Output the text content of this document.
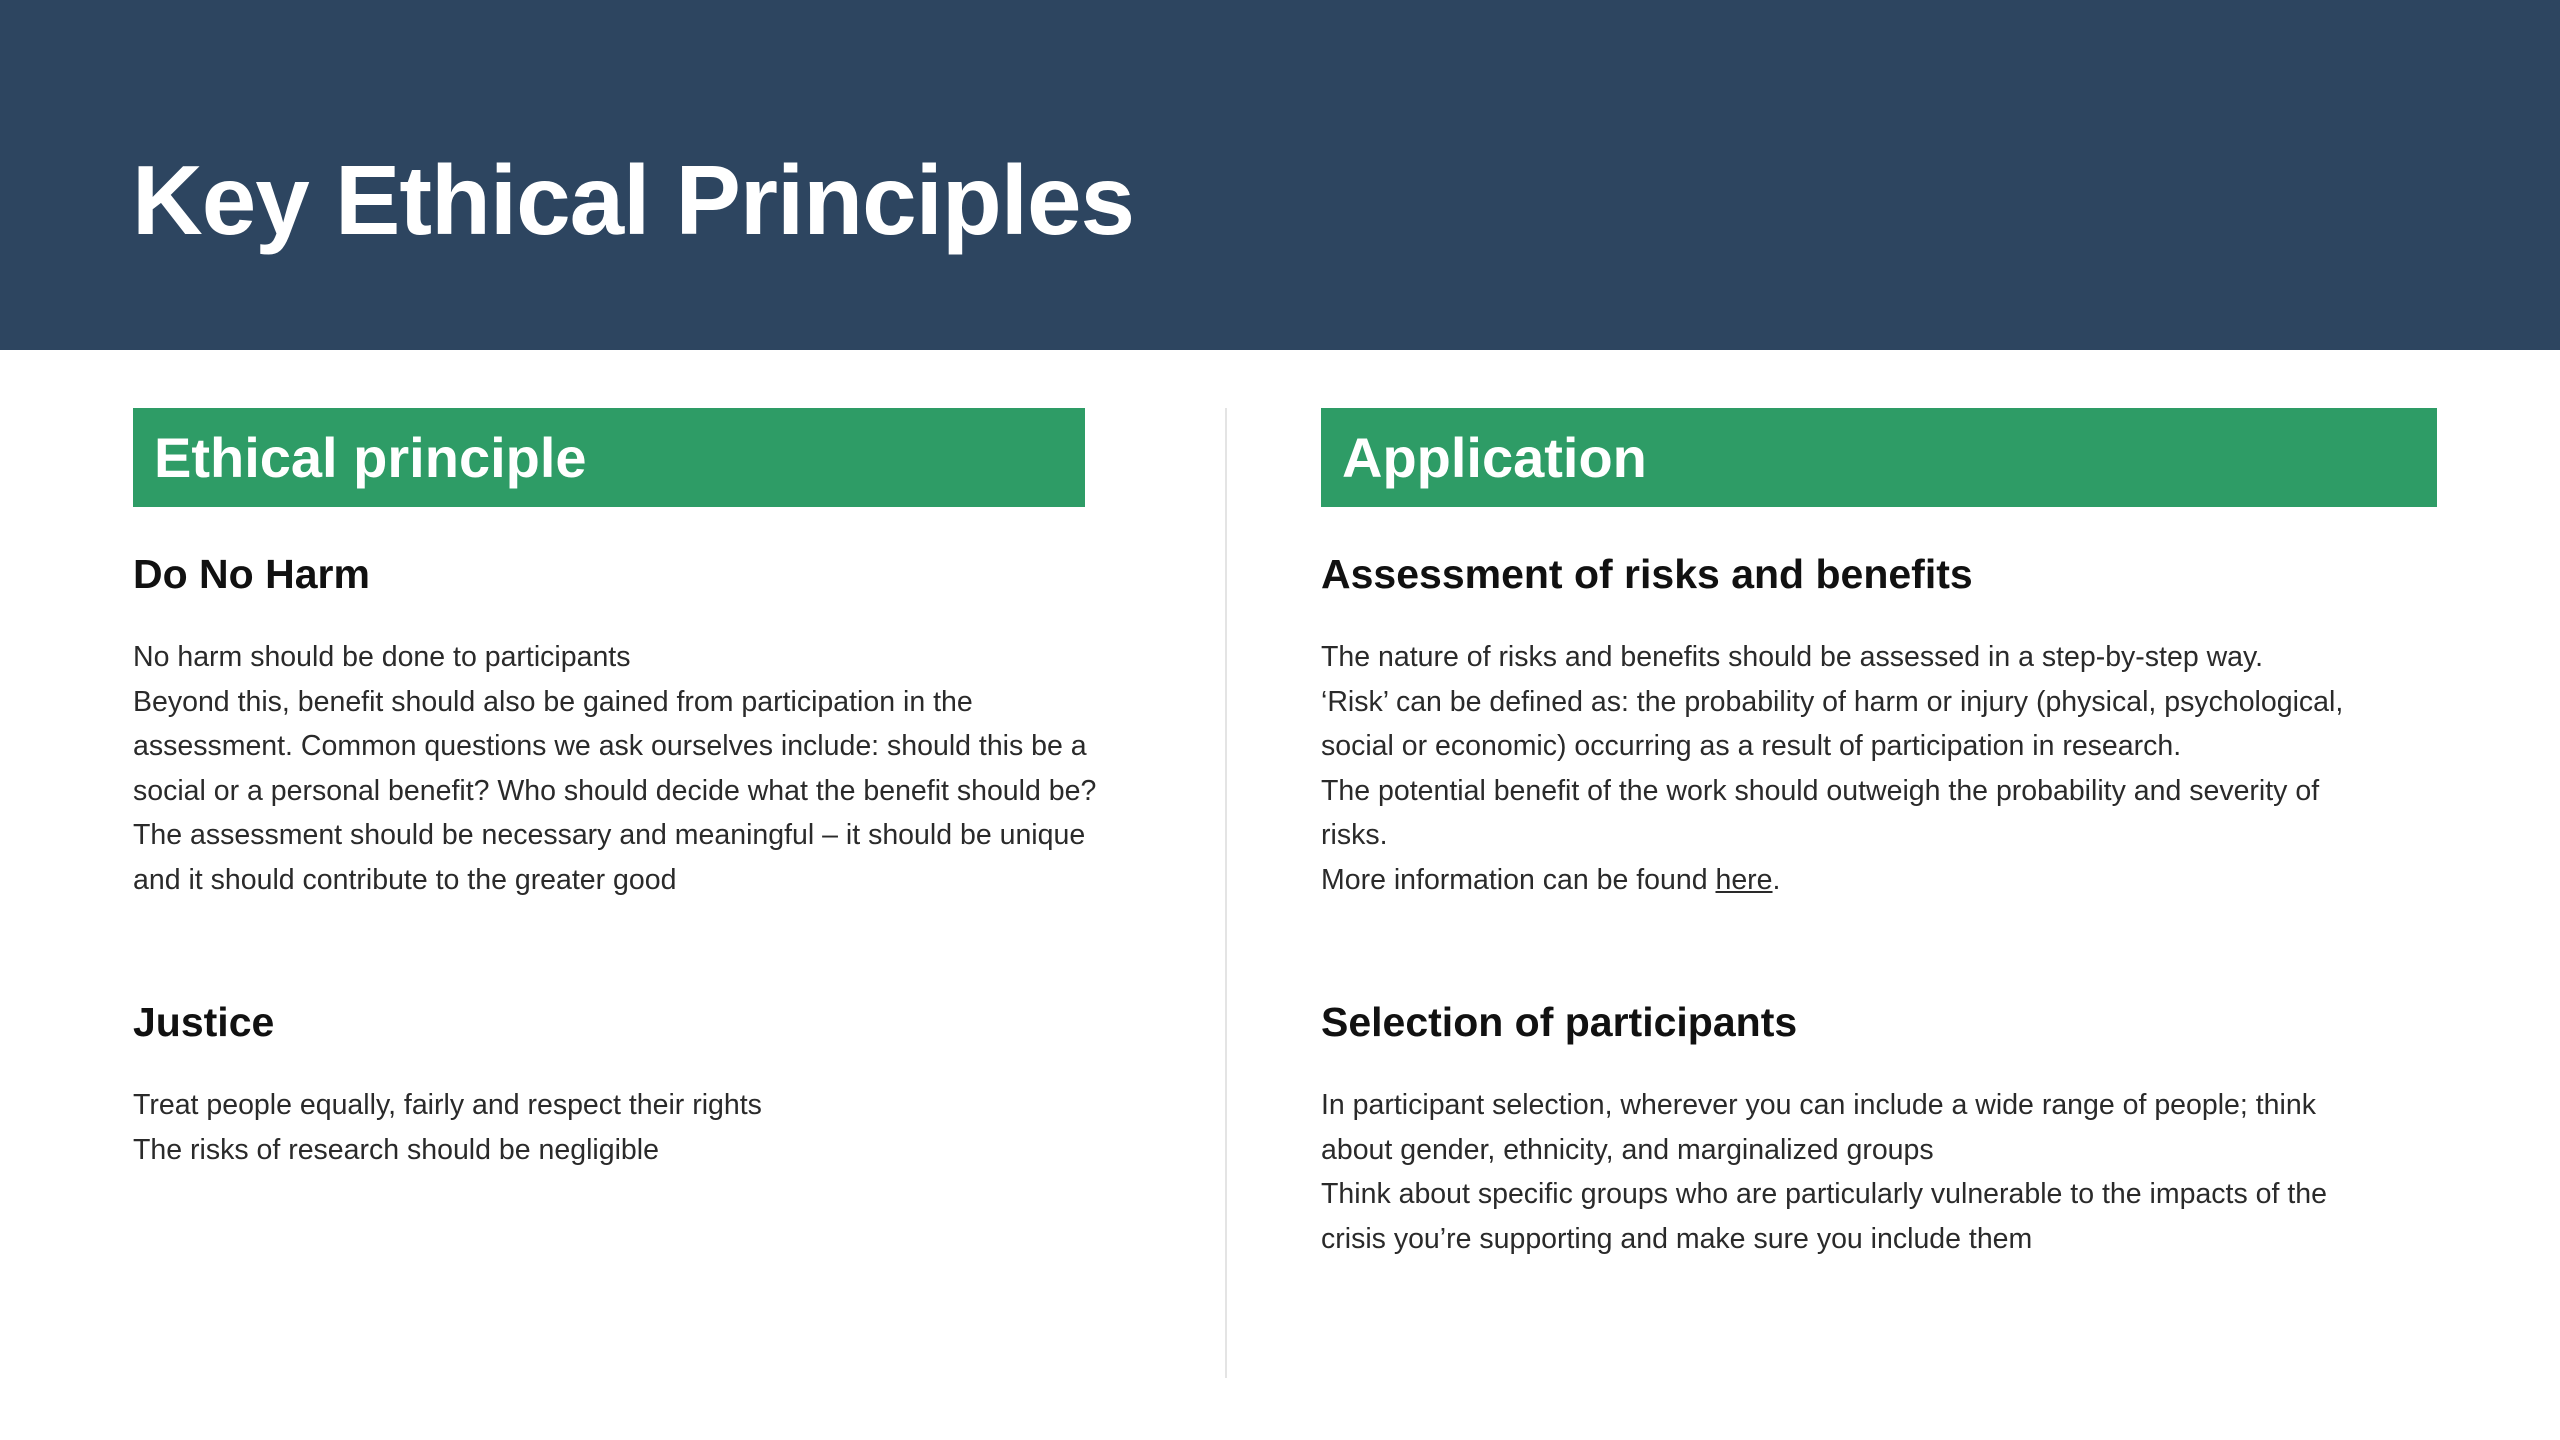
Key Ethical Principles
Ethical principle
Do No Harm
No harm should be done to participants
Beyond this, benefit should also be gained from participation in the
assessment. Common questions we ask ourselves include: should this be a
social or a personal benefit? Who should decide what the benefit should be?
The assessment should be necessary and meaningful – it should be unique
and it should contribute to the greater good
Justice
Treat people equally, fairly and respect their rights
The risks of research should be negligible
Application
Assessment of risks and benefits
The nature of risks and benefits should be assessed in a step-by-step way.
‘Risk’ can be defined as: the probability of harm or injury (physical, psychological,
social or economic) occurring as a result of participation in research.
The potential benefit of the work should outweigh the probability and severity of
risks.
More information can be found here.
Selection of participants
In participant selection, wherever you can include a wide range of people; think
about gender, ethnicity, and marginalized groups
Think about specific groups who are particularly vulnerable to the impacts of the
crisis you’re supporting and make sure you include them
